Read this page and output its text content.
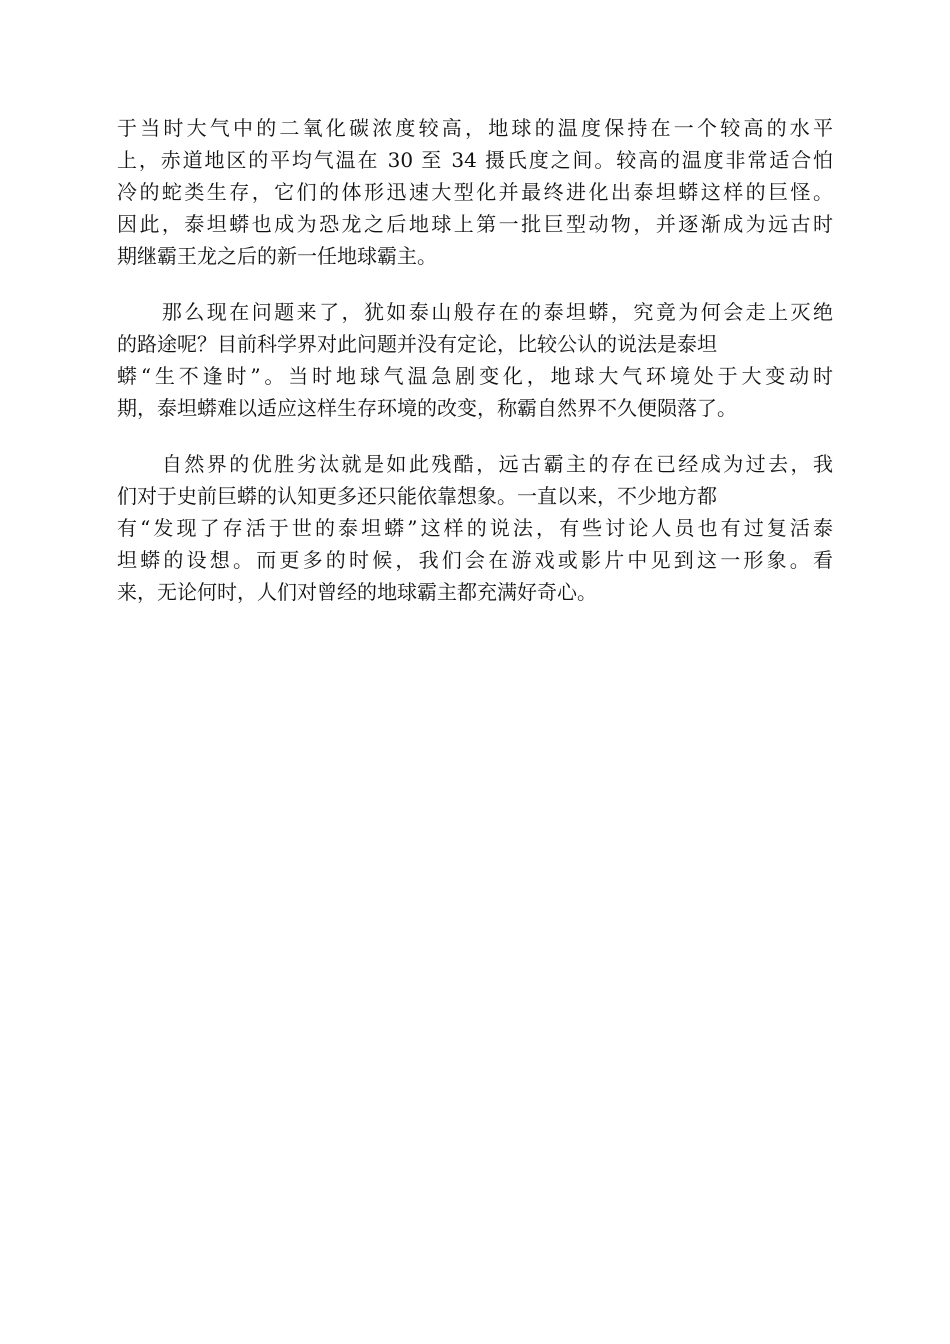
于当时大气中的二氧化碳浓度较高，地球的温度保持在一个较高的水平
上，赤道地区的平均气温在 30 至 34 摄氏度之间。较高的温度非常适合怕
冷的蛇类生存，它们的体形迅速大型化并最终进化出泰坦蟒这样的巨怪。
因此，泰坦蟒也成为恐龙之后地球上第一批巨型动物，并逐渐成为远古时
期继霸王龙之后的新一任地球霸主。
　　那么现在问题来了，犹如泰山般存在的泰坦蟒，究竟为何会走上灭绝
的路途呢？目前科学界对此问题并没有定论，比较公认的说法是泰坦
蟒“生不逢时”。当时地球气温急剧变化，地球大气环境处于大变动时
期，泰坦蟒难以适应这样生存环境的改变，称霸自然界不久便陨落了。
　　自然界的优胜劣汰就是如此残酷，远古霸主的存在已经成为过去，我
们对于史前巨蟒的认知更多还只能依靠想象。一直以来，不少地方都
有“发现了存活于世的泰坦蟒”这样的说法，有些讨论人员也有过复活泰
坦蟒的设想。而更多的时候，我们会在游戏或影片中见到这一形象。看
来，无论何时，人们对曾经的地球霸主都充满好奇心。
